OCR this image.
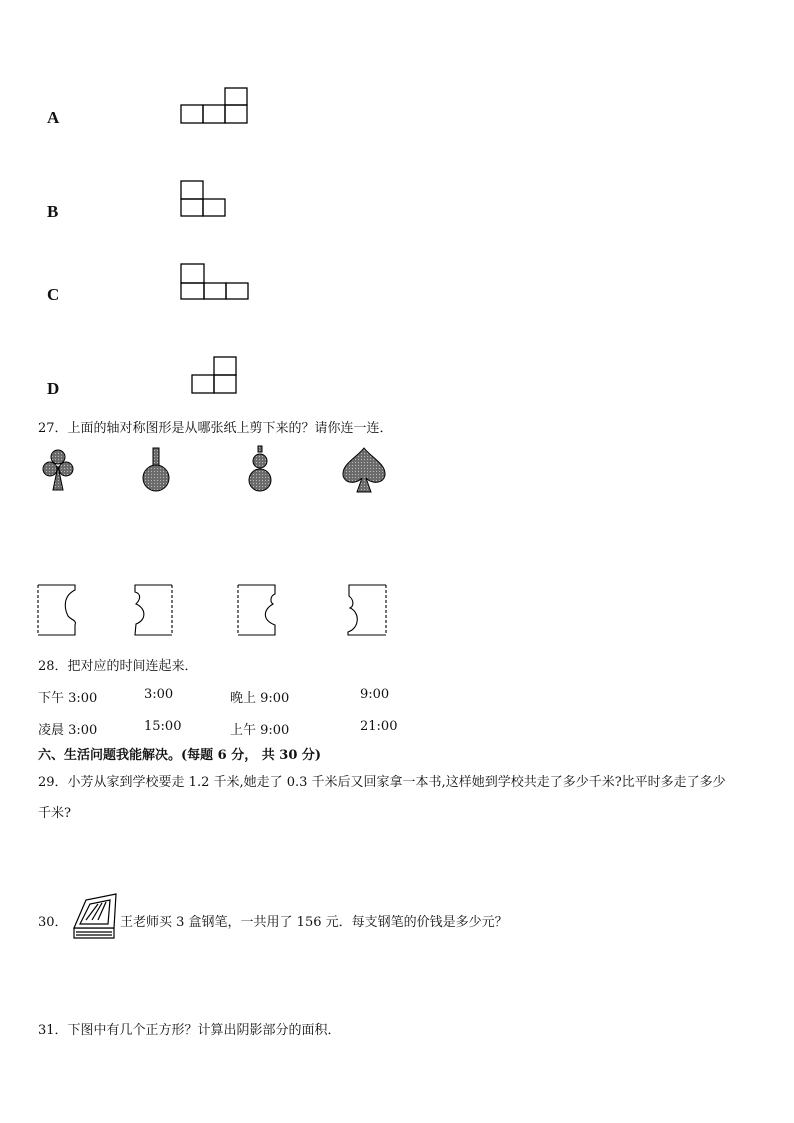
A
B
C
D
27．上面的轴对称图形是从哪张纸上剪下来的？请你连一连．
28．把对应的时间连起来．
下午 3:00	3:00	晚上 9:00	9:00
凌晨 3:00	15:00	上午 9:00	21:00
六、生活问题我能解决。(每题 6 分， 共 30 分)
29．小芳从家到学校要走 1.2 千米,她走了 0.3 千米后又回家拿一本书,这样她到学校共走了多少千米?比平时多走了多少
千米?
30．	王老师买 3 盒钢笔，一共用了 156 元．每支钢笔的价钱是多少元？
31．下图中有几个正方形？计算出阴影部分的面积．
